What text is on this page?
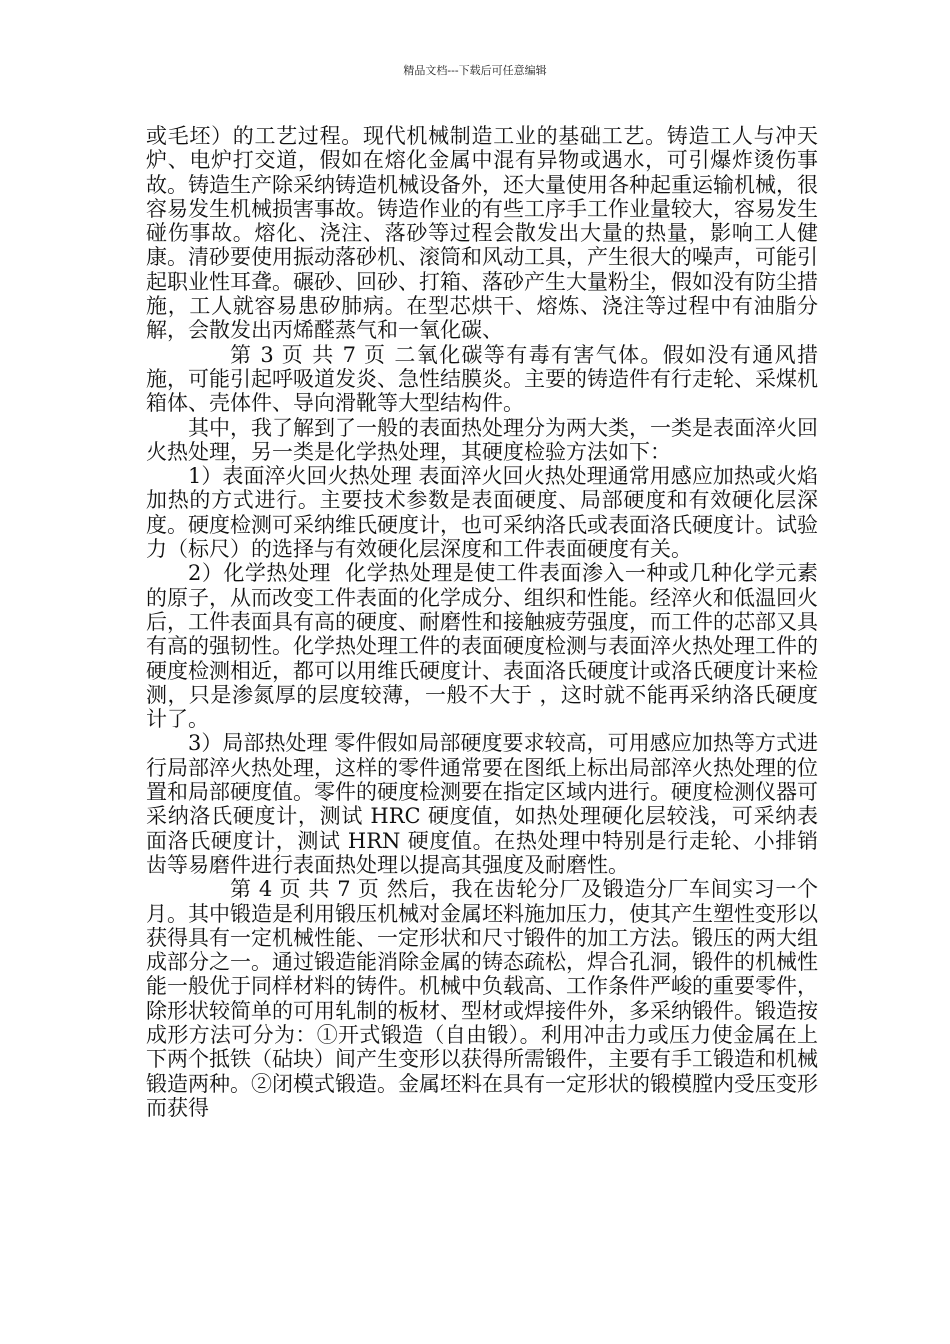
精品文档---下载后可任意编辑

或毛坯）的工艺过程。现代机械制造工业的基础工艺。铸造工人与冲天炉、电炉打交道，假如在熔化金属中混有异物或遇水，可引爆炸烫伤事故。铸造生产除采纳铸造机械设备外，还大量使用各种起重运输机械，很容易发生机械损害事故。铸造作业的有些工序手工作业量较大，容易发生碰伤事故。熔化、浇注、落砂等过程会散发出大量的热量，影响工人健康。清砂要使用振动落砂机、滚筒和风动工具，产生很大的噪声，可能引起职业性耳聋。碾砂、回砂、打箱、落砂产生大量粉尘，假如没有防尘措施，工人就容易患矽肺病。在型芯烘干、熔炼、浇注等过程中有油脂分解，会散发出丙烯醛蒸气和一氧化碳、

第 3 页 共 7 页 二氧化碳等有毒有害气体。假如没有通风措施，可能引起呼吸道发炎、急性结膜炎。主要的铸造件有行走轮、采煤机箱体、壳体件、导向滑靴等大型结构件。

其中，我了解到了一般的表面热处理分为两大类，一类是表面淬火回火热处理，另一类是化学热处理，其硬度检验方法如下：

1）表面淬火回火热处理 表面淬火回火热处理通常用感应加热或火焰加热的方式进行。主要技术参数是表面硬度、局部硬度和有效硬化层深度。硬度检测可采纳维氏硬度计，也可采纳洛氏或表面洛氏硬度计。试验力（标尺）的选择与有效硬化层深度和工件表面硬度有关。

2）化学热处理  化学热处理是使工件表面渗入一种或几种化学元素的原子，从而改变工件表面的化学成分、组织和性能。经淬火和低温回火后，工件表面具有高的硬度、耐磨性和接触疲劳强度，而工件的芯部又具有高的强韧性。化学热处理工件的表面硬度检测与表面淬火热处理工件的硬度检测相近，都可以用维氏硬度计、表面洛氏硬度计或洛氏硬度计来检测，只是渗氮厚的层度较薄，一般不大于 ，这时就不能再采纳洛氏硬度计了。

3）局部热处理 零件假如局部硬度要求较高，可用感应加热等方式进行局部淬火热处理，这样的零件通常要在图纸上标出局部淬火热处理的位置和局部硬度值。零件的硬度检测要在指定区域内进行。硬度检测仪器可采纳洛氏硬度计，测试 HRC 硬度值，如热处理硬化层较浅，可采纳表面洛氏硬度计，测试 HRN 硬度值。在热处理中特别是行走轮、小排销齿等易磨件进行表面热处理以提高其强度及耐磨性。

第 4 页 共 7 页 然后，我在齿轮分厂及锻造分厂车间实习一个月。其中锻造是利用锻压机械对金属坯料施加压力，使其产生塑性变形以获得具有一定机械性能、一定形状和尺寸锻件的加工方法。锻压的两大组成部分之一。通过锻造能消除金属的铸态疏松，焊合孔洞，锻件的机械性能一般优于同样材料的铸件。机械中负载高、工作条件严峻的重要零件，除形状较简单的可用轧制的板材、型材或焊接件外，多采纳锻件。锻造按成形方法可分为：①开式锻造（自由锻）。利用冲击力或压力使金属在上下两个抵铁（砧块）间产生变形以获得所需锻件，主要有手工锻造和机械锻造两种。②闭模式锻造。金属坯料在具有一定形状的锻模膛内受压变形而获得
